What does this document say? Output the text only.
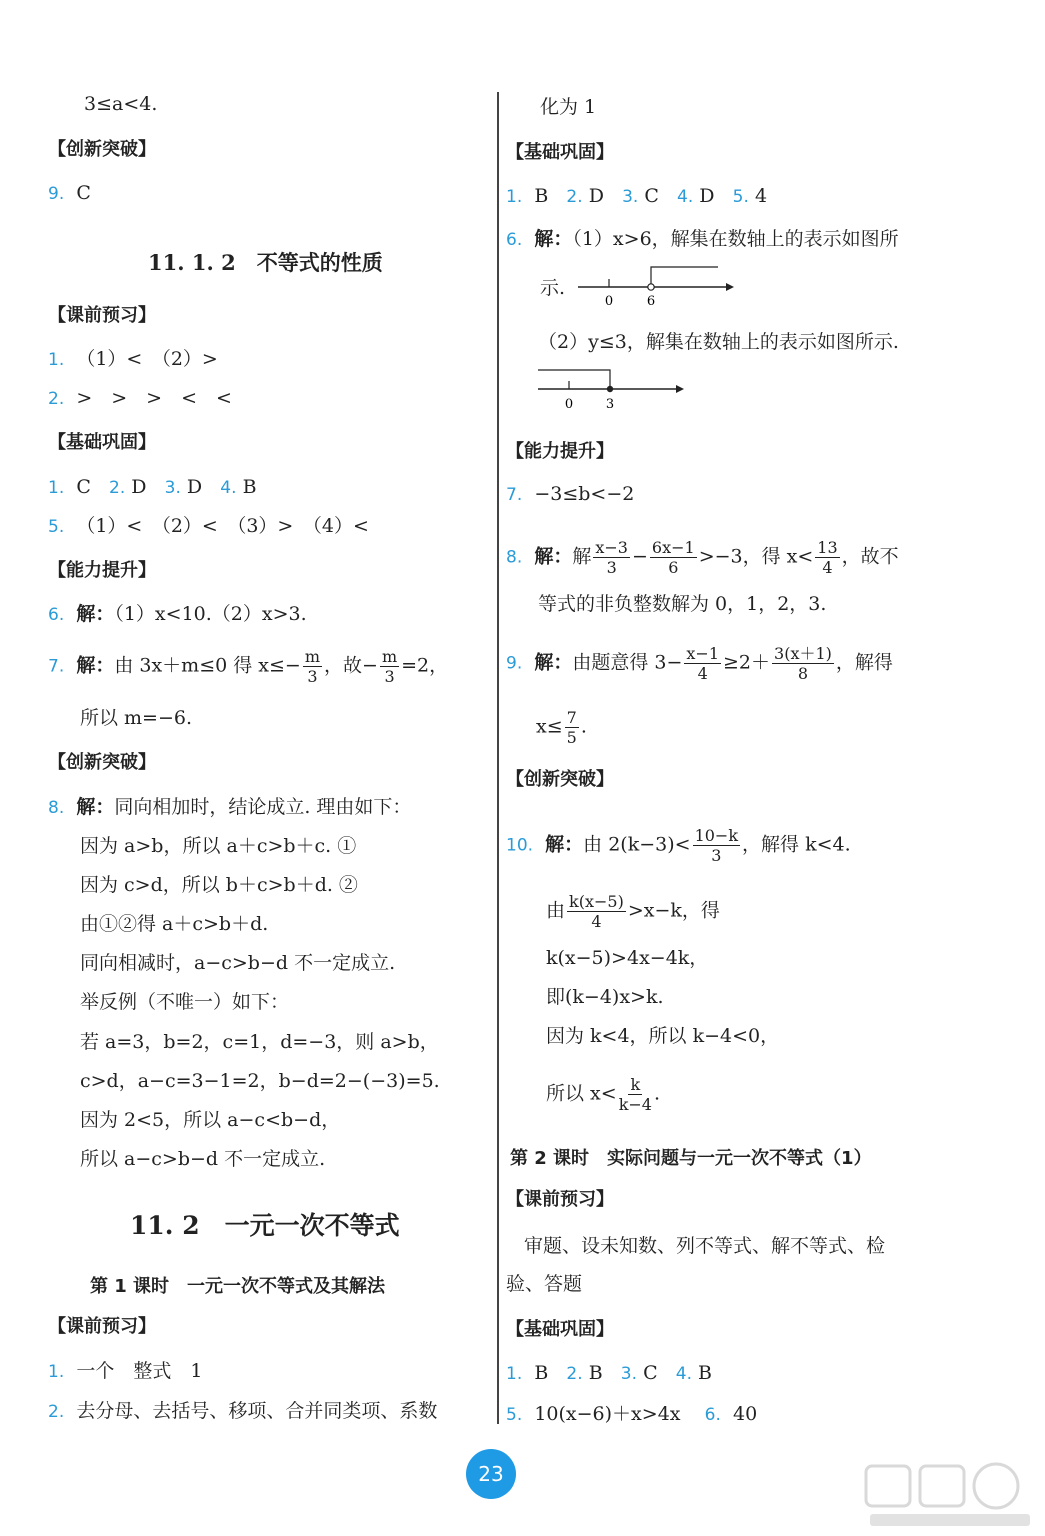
3≤a<4.
【创新突破】
9. C
11. 1. 2　不等式的性质
【课前预习】
1. （1）<　（2）>
2. >　>　>　<　<
【基础巩固】
1. C 2. D 3. D 4. B
5. （1）<　（2）<　（3）>　（4）<
【能力提升】
6. 解：（1）x<10.（2）x>3.
7. 解：由 3x＋m≤0 得 $x\le- \frac{m}{3}$ ，故− $\frac{m}{3} =2$，
所以 m=−6.
【创新突破】
8. 解：同向相加时，结论成立. 理由如下：
因为 a>b，所以 a＋c>b＋c. ①
因为 c>d，所以 b＋c>b＋d. ②
由①②得 a＋c>b＋d.
同向相减时，a−c>b−d 不一定成立.
举反例（不唯一）如下：
若 a=3，b=2，c=1，d=−3，则 a>b，
c>d，a−c=3−1=2，b−d=2−(−3)=5.
因为 2<5，所以 a−c<b−d，
所以 a−c>b−d 不一定成立.
11. 2　一元一次不等式
第 1 课时　一元一次不等式及其解法
【课前预习】
1. 一个　整式　1
2. 去分母、去括号、移项、合并同类项、系数
化为 1
【基础巩固】
1. B 2. D 3. C 4. D 5. 4
6. 解：（1）x>6，解集在数轴上的表示如图所
示.
0	6
（2）y≤3，解集在数轴上的表示如图所示.
0	3
【能力提升】
7. −3≤b<−2
8. 解：解 $\frac{x-3}{3} - \frac{6x-1}{6} >-3$，得 $x< \frac{13}{4}$ ，故不
等式的非负整数解为 0，1，2，3.
9. 解：由题意得 $3- \frac{x-1}{4} \ge 2+ \frac{3(x+1)}{8}$ ，解得
$x\le \frac{7}{5}$ .
【创新突破】
10. 解：由 $2(k-3)< \frac{10-k}{3}$ ，解得 k<4.
由 $\frac{k(x-5)}{4} >x-k$，得
k(x−5)>4x−4k，
即(k−4)x>k.
因为 k<4，所以 k−4<0，
所以 $x< \frac{k}{k-4}$ .
第 2 课时　实际问题与一元一次不等式（1）
【课前预习】
审题、设未知数、列不等式、解不等式、检
验、答题
【基础巩固】
1. B 2. B 3. C 4. B
5. 10(x−6)＋x>4x 6. 40
23
